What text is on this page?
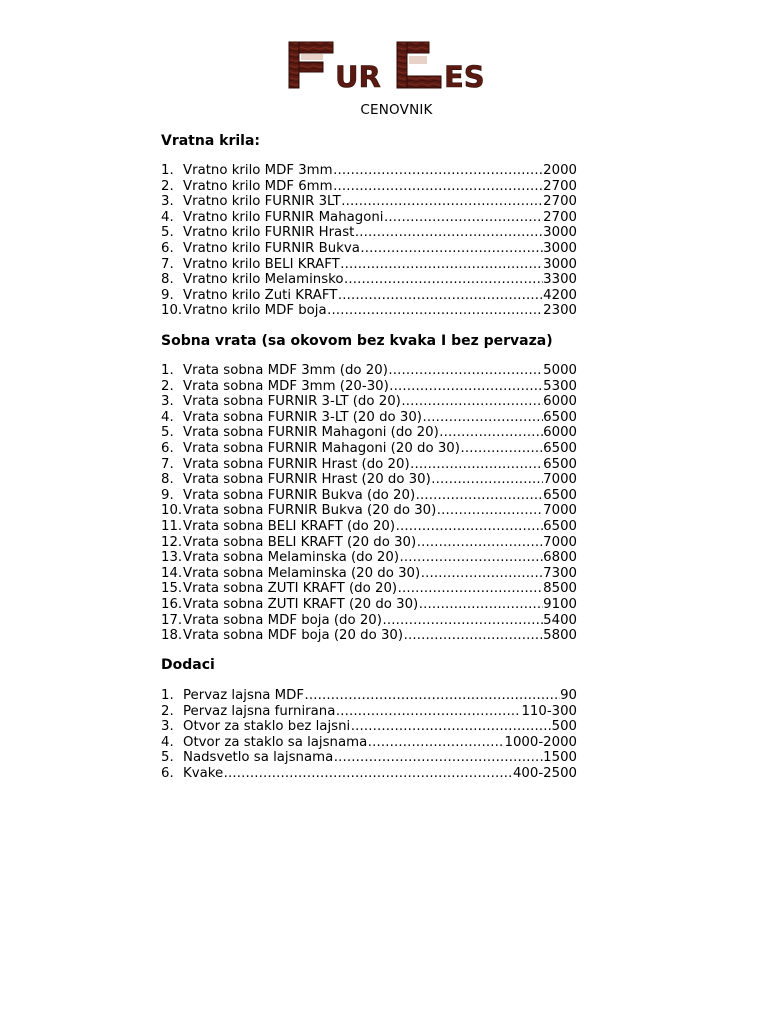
UR ES
CENOVNIK
Vratna krila:
1. Vratno krilo MDF 3mm .....	2000
2. Vratno krilo MDF 6mm .....	2700
3. Vratno krilo FURNIR 3LT .....	2700
4. Vratno krilo FURNIR Mahagoni .....	2700
5. Vratno krilo FURNIR Hrast .....	3000
6. Vratno krilo FURNIR Bukva .....	3000
7. Vratno krilo BELI KRAFT .....	3000
8. Vratno krilo Melaminsko .....	3300
9. Vratno krilo Žuti KRAFT .....	4200
10. Vratno krilo MDF boja .....	2300
Sobna vrata (sa okovom bez kvaka I bez pervaza)
1. Vrata sobna MDF 3mm (do 20) .....	5000
2. Vrata sobna MDF 3mm (20-30) .....	5300
3. Vrata sobna FURNIR 3-LT (do 20) .....	6000
4. Vrata sobna FURNIR 3-LT (20 do 30) .....	6500
5. Vrata sobna FURNIR Mahagoni (do 20) .....	6000
6. Vrata sobna FURNIR Mahagoni (20 do 30) .....	6500
7. Vrata sobna FURNIR Hrast (do 20) .....	6500
8. Vrata sobna FURNIR Hrast (20 do 30) .....	7000
9. Vrata sobna FURNIR Bukva (do 20) .....	6500
10. Vrata sobna FURNIR Bukva (20 do 30) .....	7000
11. Vrata sobna BELI KRAFT (do 20) .....	6500
12. Vrata sobna BELI KRAFT (20 do 30) .....	7000
13. Vrata sobna Melaminska (do 20) .....	6800
14. Vrata sobna Melaminska (20 do 30) .....	7300
15. Vrata sobna ŽUTI KRAFT (do 20) .....	8500
16. Vrata sobna ŽUTI KRAFT (20 do 30) .....	9100
17. Vrata sobna MDF boja (do 20) .....	5400
18. Vrata sobna MDF boja (20 do 30) .....	5800
Dodaci
1. Pervaz lajsna MDF .....	90
2. Pervaz lajsna furnirana .....	110-300
3. Otvor za staklo bez lajsni .....	500
4. Otvor za staklo sa lajsnama .....	1000-2000
5. Nadsvetlo sa lajsnama .....	1500
6. Kvake .....	400-2500
